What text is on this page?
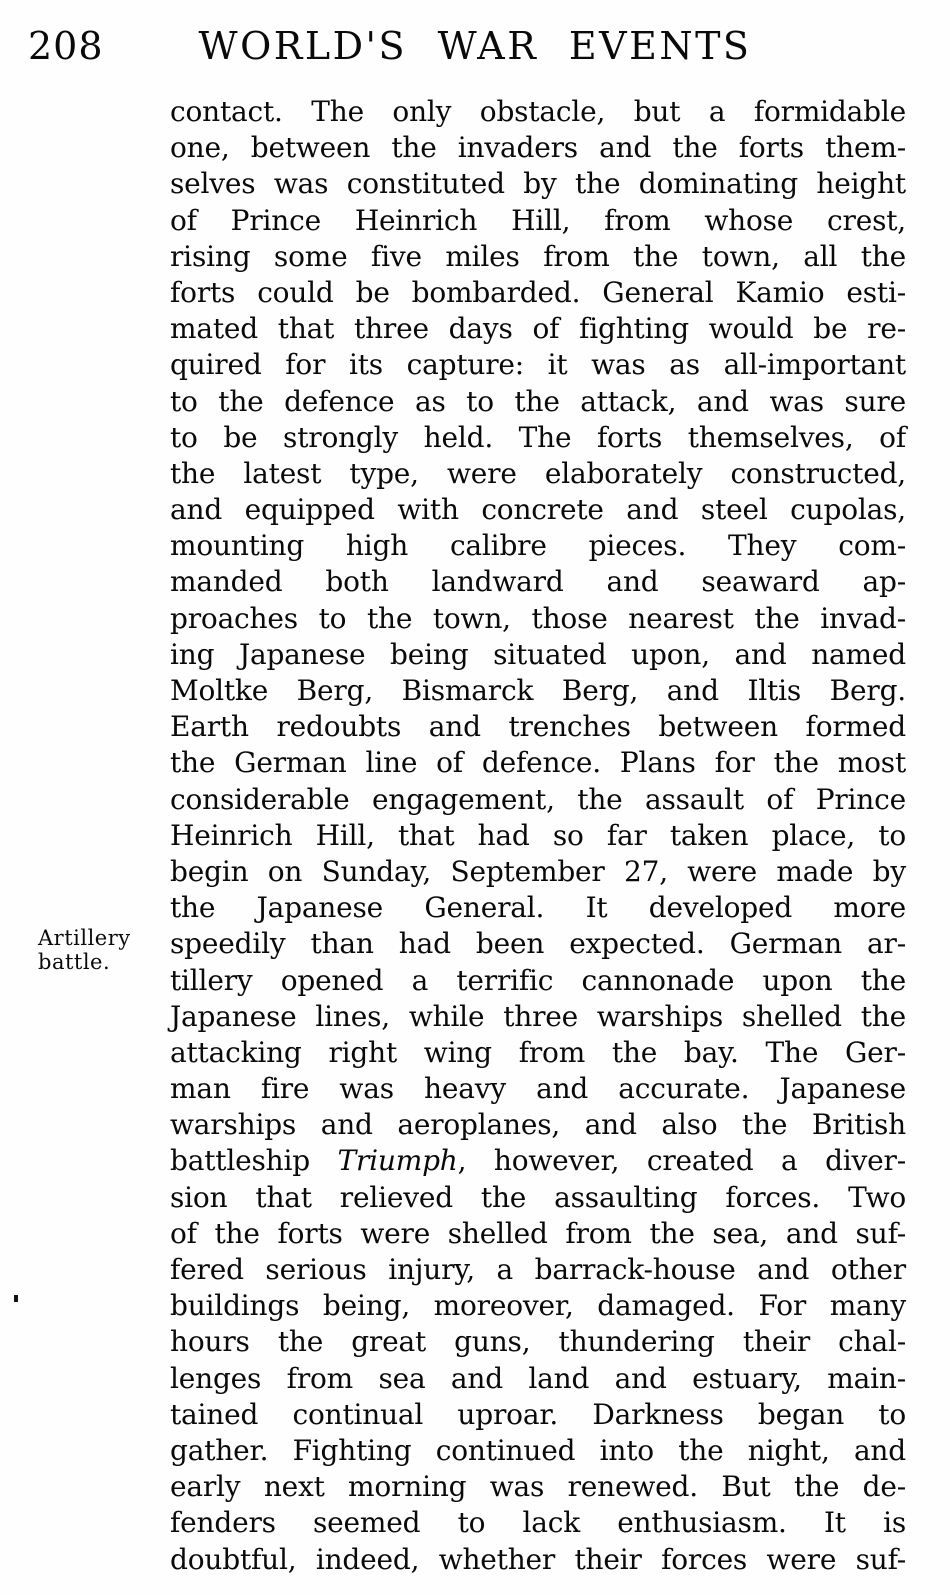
208	WORLD'S WAR EVENTS
Artillery
battle.
contact. The only obstacle, but a formidable
one, between the invaders and the forts them-
selves was constituted by the dominating height
of Prince Heinrich Hill, from whose crest,
rising some five miles from the town, all the
forts could be bombarded. General Kamio esti-
mated that three days of fighting would be re-
quired for its capture: it was as all-important
to the defence as to the attack, and was sure
to be strongly held. The forts themselves, of
the latest type, were elaborately constructed,
and equipped with concrete and steel cupolas,
mounting high calibre pieces. They com-
manded both landward and seaward ap-
proaches to the town, those nearest the invad-
ing Japanese being situated upon, and named
Moltke Berg, Bismarck Berg, and Iltis Berg.
Earth redoubts and trenches between formed
the German line of defence. Plans for the most
considerable engagement, the assault of Prince
Heinrich Hill, that had so far taken place, to
begin on Sunday, September 27, were made by
the Japanese General. It developed more
speedily than had been expected. German ar-
tillery opened a terrific cannonade upon the
Japanese lines, while three warships shelled the
attacking right wing from the bay. The Ger-
man fire was heavy and accurate. Japanese
warships and aeroplanes, and also the British
battleship Triumph, however, created a diver-
sion that relieved the assaulting forces. Two
of the forts were shelled from the sea, and suf-
fered serious injury, a barrack-house and other
buildings being, moreover, damaged. For many
hours the great guns, thundering their chal-
lenges from sea and land and estuary, main-
tained continual uproar. Darkness began to
gather. Fighting continued into the night, and
early next morning was renewed. But the de-
fenders seemed to lack enthusiasm. It is
doubtful, indeed, whether their forces were suf-
